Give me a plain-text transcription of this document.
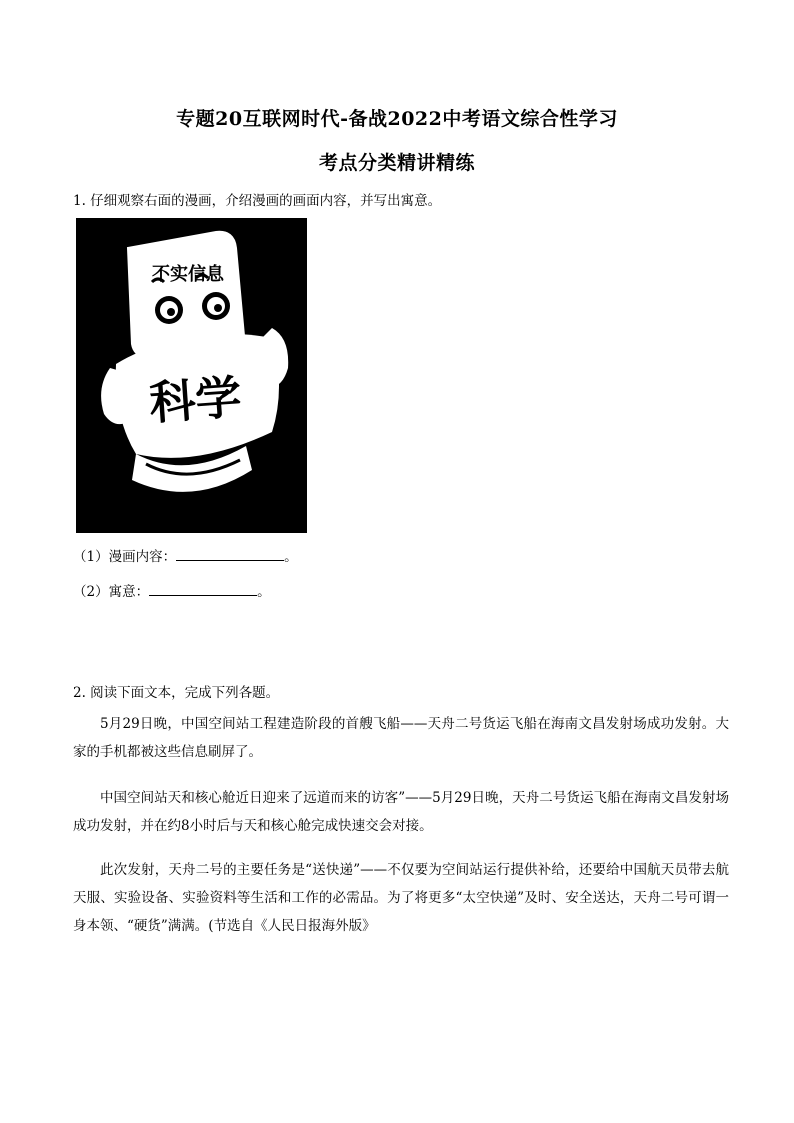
专题20互联网时代-备战2022中考语文综合性学习
考点分类精讲精练
1. 仔细观察右面的漫画，介绍漫画的画面内容，并写出寓意。
不实信息
科学
（1）漫画内容：	。
（2）寓意：	。
2. 阅读下面文本，完成下列各题。
5月29日晚，中国空间站工程建造阶段的首艘飞船——天舟二号货运飞船在海南文昌发射场成功发射。大家的手机都被这些信息刷屏了。
中国空间站天和核心舱近日迎来了远道而来的访客”——5月29日晚，天舟二号货运飞船在海南文昌发射场成功发射，并在约8小时后与天和核心舱完成快速交会对接。
此次发射，天舟二号的主要任务是“送快递”——不仅要为空间站运行提供补给，还要给中国航天员带去航天服、实验设备、实验资料等生活和工作的必需品。为了将更多“太空快递”及时、安全送达，天舟二号可谓一身本领、“硬货”满满。(节选自《人民日报海外版》
